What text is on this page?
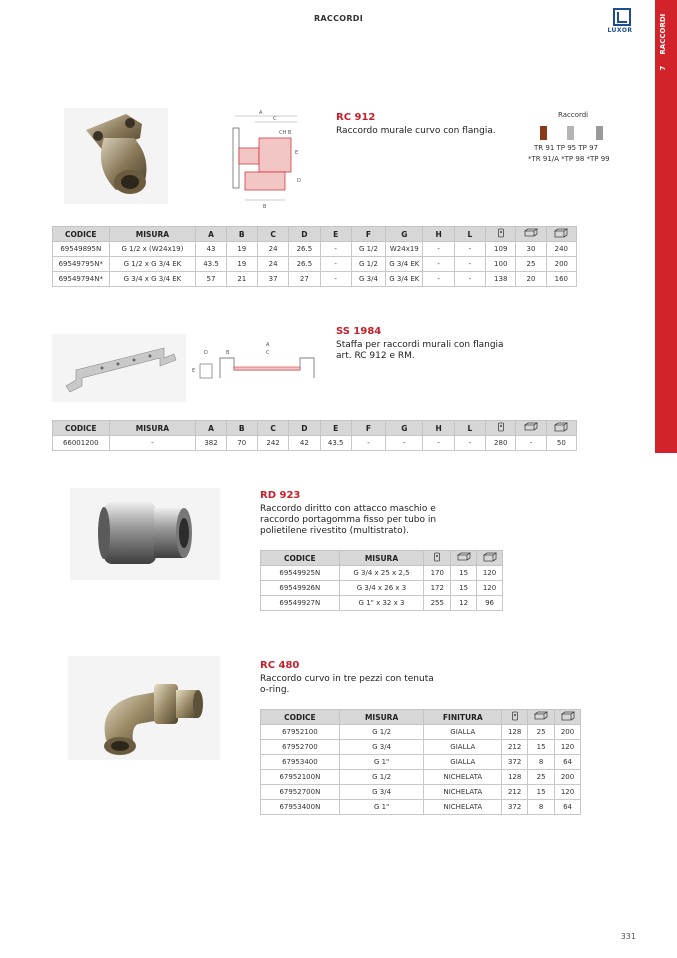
RACCORDI
LUXOR
7  RACCORDI
A
C
CH B
E
D
B
RC 912
Raccordo murale curvo con flangia.
Raccordi
TR 91 TP 95 TP 97
*TR 91/A *TP 98 *TP 99
CODICE	MISURA	A	B	C	D	E	F	G	H	L			
69549895N	G 1/2 x (W24x19)	43	19	24	26.5	-	G 1/2	W24x19	-	-	109	30	240
69549795N*	G 1/2 x G 3/4 EK	43.5	19	24	26.5	-	G 1/2	G 3/4 EK	-	-	100	25	200
69549794N*	G 3/4 x G 3/4 EK	57	21	37	27	-	G 3/4	G 3/4 EK	-	-	138	20	160
D	B
A
C
E
SS 1984
Staffa per raccordi murali con flangia art. RC 912 e RM.
CODICE	MISURA	A	B	C	D	E	F	G	H	L			
66001200	-	382	70	242	42	43.5	-	-	-	-	280	-	50
RD 923
Raccordo diritto con attacco maschio e raccordo portagomma fisso per tubo in polietilene rivestito (multistrato).
CODICE	MISURA			
69549925N	G 3/4 x 25 x 2,5	170	15	120
69549926N	G 3/4 x 26 x 3	172	15	120
69549927N	G 1" x 32 x 3	255	12	96
RC 480
Raccordo curvo in tre pezzi con tenuta o-ring.
CODICE	MISURA	FINITURA			
67952100	G 1/2	GIALLA	128	25	200
67952700	G 3/4	GIALLA	212	15	120
67953400	G 1"	GIALLA	372	8	64
67952100N	G 1/2	NICHELATA	128	25	200
67952700N	G 3/4	NICHELATA	212	15	120
67953400N	G 1"	NICHELATA	372	8	64
331
